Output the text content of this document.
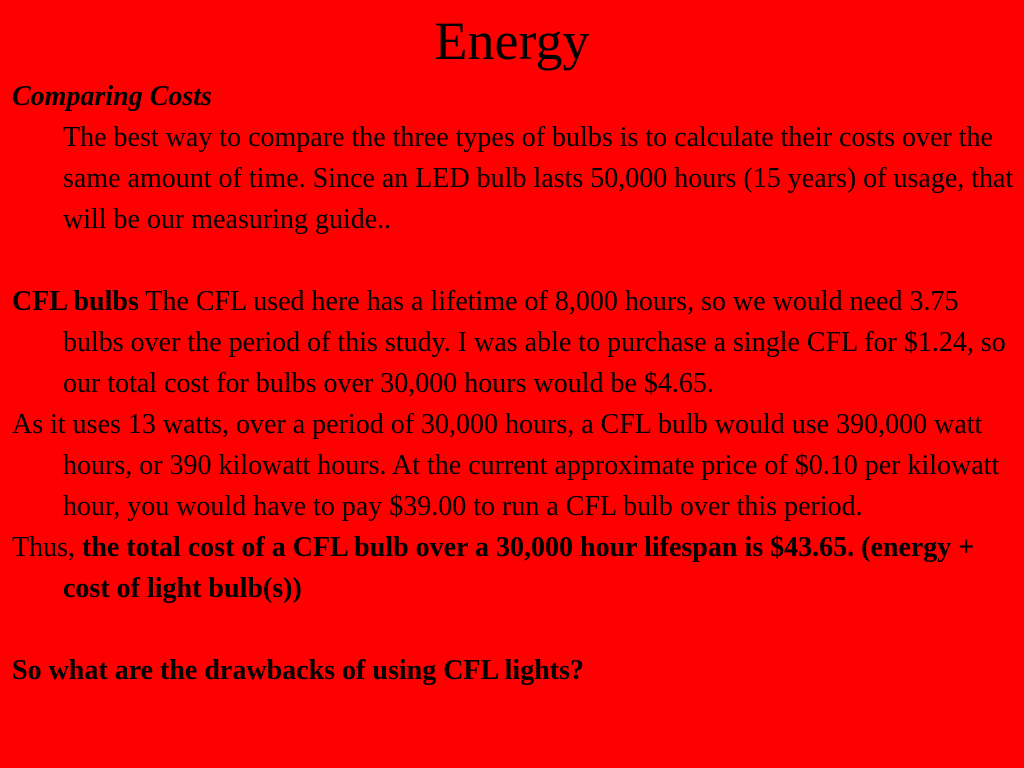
Energy

Comparing Costs

The best way to compare the three types of bulbs is to calculate their costs over the same amount of time. Since an LED bulb lasts 50,000 hours (15 years) of usage, that will be our measuring guide..

CFL bulbs The CFL used here has a lifetime of 8,000 hours, so we would need 3.75 bulbs over the period of this study. I was able to purchase a single CFL for $1.24, so our total cost for bulbs over 30,000 hours would be $4.65.

As it uses 13 watts, over a period of 30,000 hours, a CFL bulb would use 390,000 watt hours, or 390 kilowatt hours. At the current approximate price of $0.10 per kilowatt hour, you would have to pay $39.00 to run a CFL bulb over this period.

Thus, the total cost of a CFL bulb over a 30,000 hour lifespan is $43.65. (energy + cost of light bulb(s))

So what are the drawbacks of using CFL lights?
